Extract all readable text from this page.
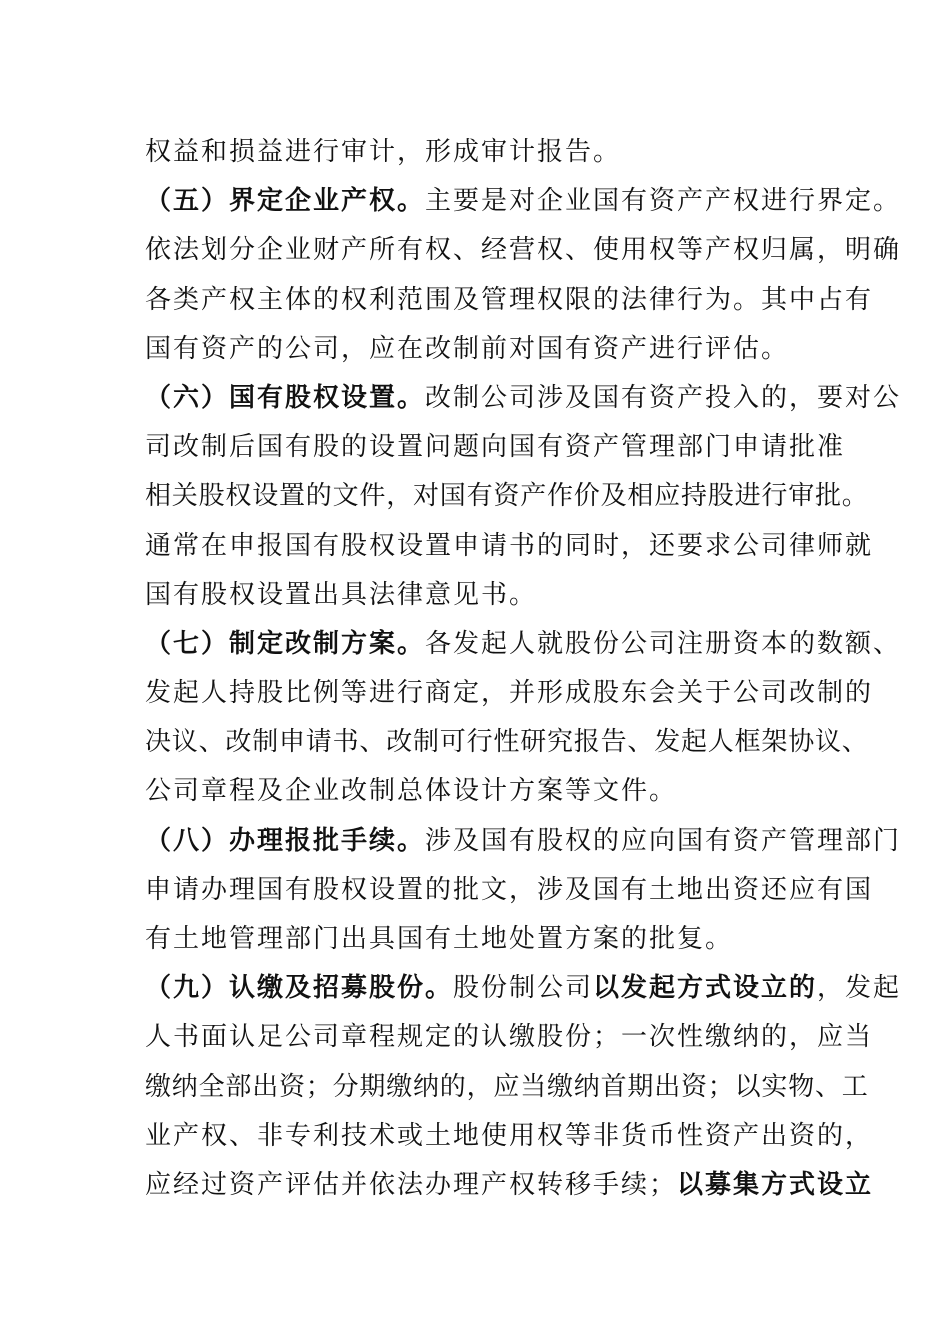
权益和损益进行审计，形成审计报告。
（五）界定企业产权。主要是对企业国有资产产权进行界定。
依法划分企业财产所有权、经营权、使用权等产权归属，明确
各类产权主体的权利范围及管理权限的法律行为。其中占有
国有资产的公司，应在改制前对国有资产进行评估。
（六）国有股权设置。改制公司涉及国有资产投入的，要对公
司改制后国有股的设置问题向国有资产管理部门申请批准
相关股权设置的文件，对国有资产作价及相应持股进行审批。
通常在申报国有股权设置申请书的同时，还要求公司律师就
国有股权设置出具法律意见书。
（七）制定改制方案。各发起人就股份公司注册资本的数额、
发起人持股比例等进行商定，并形成股东会关于公司改制的
决议、改制申请书、改制可行性研究报告、发起人框架协议、
公司章程及企业改制总体设计方案等文件。
（八）办理报批手续。涉及国有股权的应向国有资产管理部门
申请办理国有股权设置的批文，涉及国有土地出资还应有国
有土地管理部门出具国有土地处置方案的批复。
（九）认缴及招募股份。股份制公司以发起方式设立的，发起
人书面认足公司章程规定的认缴股份；一次性缴纳的，应当
缴纳全部出资；分期缴纳的，应当缴纳首期出资；以实物、工
业产权、非专利技术或土地使用权等非货币性资产出资的，
应经过资产评估并依法办理产权转移手续；以募集方式设立
